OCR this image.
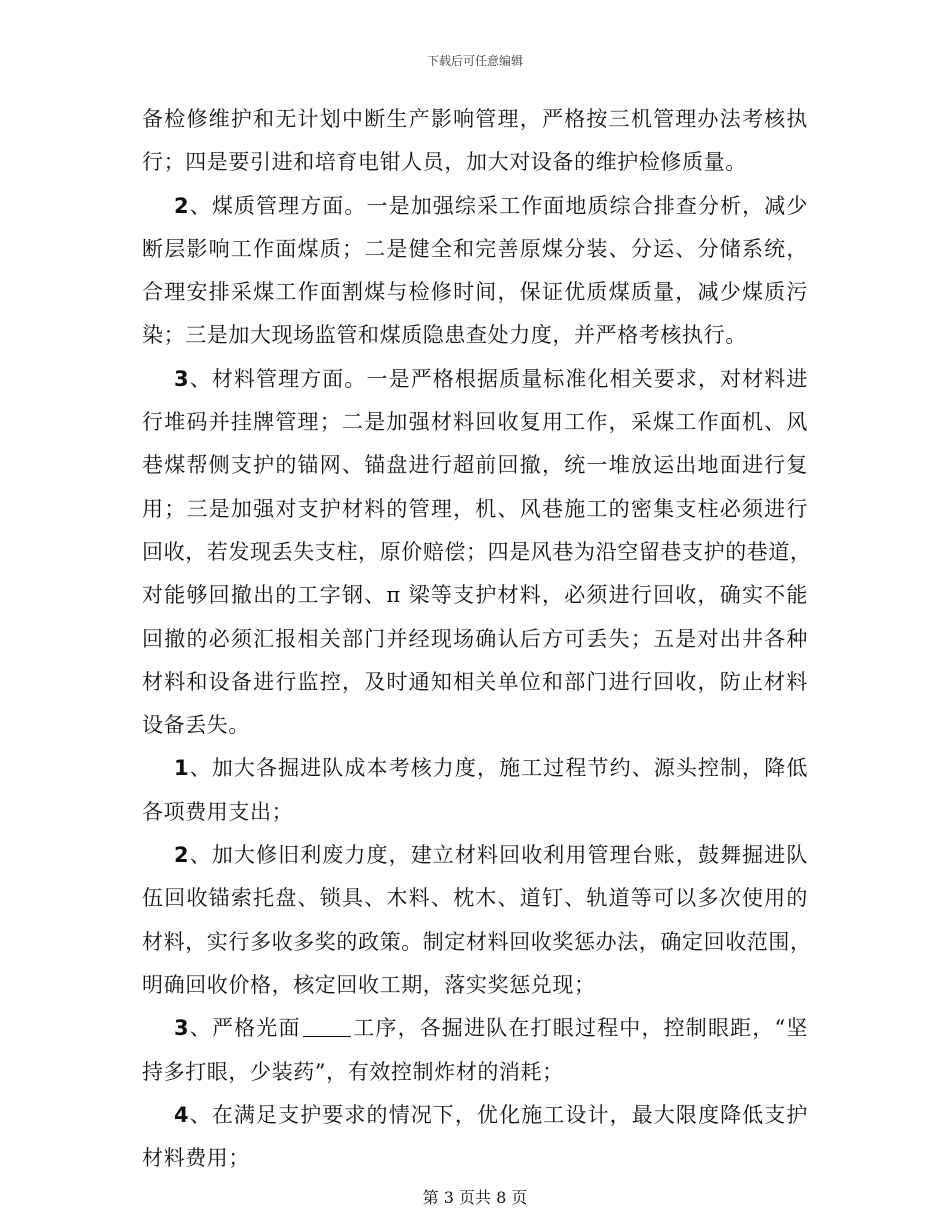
下载后可任意编辑
备检修维护和无计划中断生产影响管理，严格按三机管理办法考核执
行；四是要引进和培育电钳人员，加大对设备的维护检修质量。
2、煤质管理方面。一是加强综采工作面地质综合排查分析，减少
断层影响工作面煤质；二是健全和完善原煤分装、分运、分储系统，
合理安排采煤工作面割煤与检修时间，保证优质煤质量，减少煤质污
染；三是加大现场监管和煤质隐患查处力度，并严格考核执行。
3、材料管理方面。一是严格根据质量标准化相关要求，对材料进
行堆码并挂牌管理；二是加强材料回收复用工作，采煤工作面机、风
巷煤帮侧支护的锚网、锚盘进行超前回撤，统一堆放运出地面进行复
用；三是加强对支护材料的管理，机、风巷施工的密集支柱必须进行
回收，若发现丢失支柱，原价赔偿；四是风巷为沿空留巷支护的巷道，
对能够回撤出的工字钢、π 梁等支护材料，必须进行回收，确实不能
回撤的必须汇报相关部门并经现场确认后方可丢失；五是对出井各种
材料和设备进行监控，及时通知相关单位和部门进行回收，防止材料
设备丢失。
1、加大各掘进队成本考核力度，施工过程节约、源头控制，降低
各项费用支出；
2、加大修旧利废力度，建立材料回收利用管理台账，鼓舞掘进队
伍回收锚索托盘、锁具、木料、枕木、道钉、轨道等可以多次使用的
材料，实行多收多奖的政策。制定材料回收奖惩办法，确定回收范围，
明确回收价格，核定回收工期，落实奖惩兑现；
3、严格光面 工序，各掘进队在打眼过程中，控制眼距，“坚
持多打眼，少装药”，有效控制炸材的消耗；
4、在满足支护要求的情况下，优化施工设计，最大限度降低支护
材料费用；
第 3 页共 8 页
